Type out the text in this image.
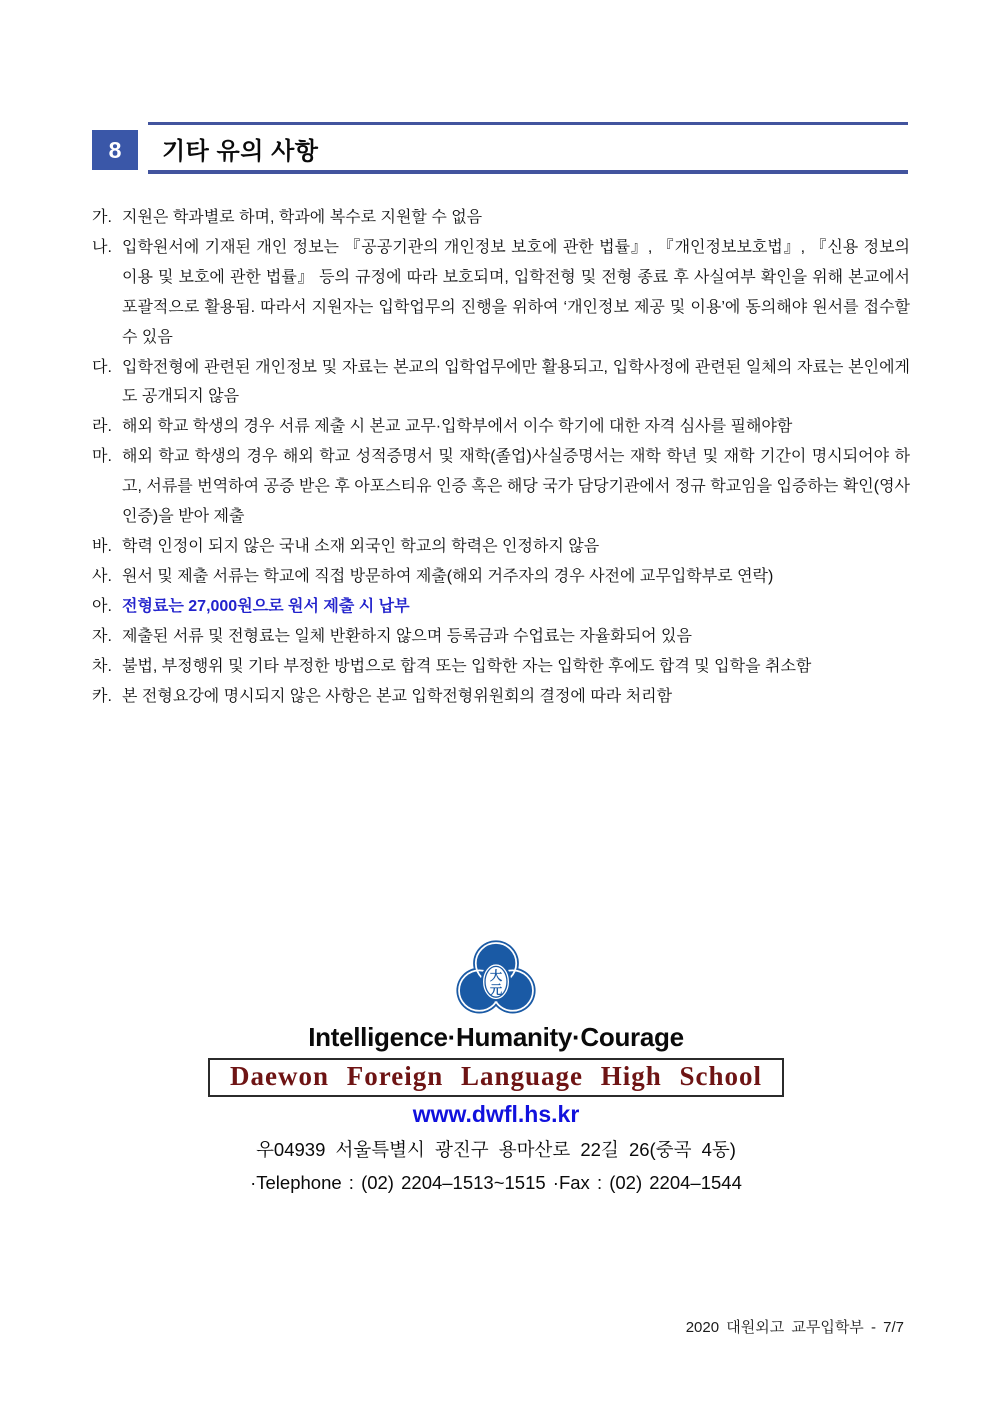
8	기타 유의 사항
가. 지원은 학과별로 하며, 학과에 복수로 지원할 수 없음
나. 입학원서에 기재된 개인 정보는 『공공기관의 개인정보 보호에 관한 법률』, 『개인정보보호법』, 『신용 정보의 이용 및 보호에 관한 법률』 등의 규정에 따라 보호되며, 입학전형 및 전형 종료 후 사실여부 확인을 위해 본교에서 포괄적으로 활용됨. 따라서 지원자는 입학업무의 진행을 위하여 ‘개인정보 제공 및 이용’에 동의해야 원서를 접수할 수 있음
다. 입학전형에 관련된 개인정보 및 자료는 본교의 입학업무에만 활용되고, 입학사정에 관련된 일체의 자료는 본인에게도 공개되지 않음
라. 해외 학교 학생의 경우 서류 제출 시 본교 교무·입학부에서 이수 학기에 대한 자격 심사를 필해야함
마. 해외 학교 학생의 경우 해외 학교 성적증명서 및 재학(졸업)사실증명서는 재학 학년 및 재학 기간이 명시되어야 하고, 서류를 번역하여 공증 받은 후 아포스티유 인증 혹은 해당 국가 담당기관에서 정규 학교임을 입증하는 확인(영사 인증)을 받아 제출
바. 학력 인정이 되지 않은 국내 소재 외국인 학교의 학력은 인정하지 않음
사. 원서 및 제출 서류는 학교에 직접 방문하여 제출(해외 거주자의 경우 사전에 교무입학부로 연락)
아. 전형료는 27,000원으로 원서 제출 시 납부
자. 제출된 서류 및 전형료는 일체 반환하지 않으며 등록금과 수업료는 자율화되어 있음
차. 불법, 부정행위 및 기타 부정한 방법으로 합격 또는 입학한 자는 입학한 후에도 합격 및 입학을 취소함
카. 본 전형요강에 명시되지 않은 사항은 본교 입학전형위원회의 결정에 따라 처리함
大
元
Intelligence·Humanity·Courage
Daewon Foreign Language High School
www.dwfl.hs.kr
우04939 서울특별시 광진구 용마산로 22길 26(중곡 4동)
·Telephone : (02) 2204–1513~1515 ·Fax : (02) 2204–1544
2020 대원외고 교무입학부 - 7/7
